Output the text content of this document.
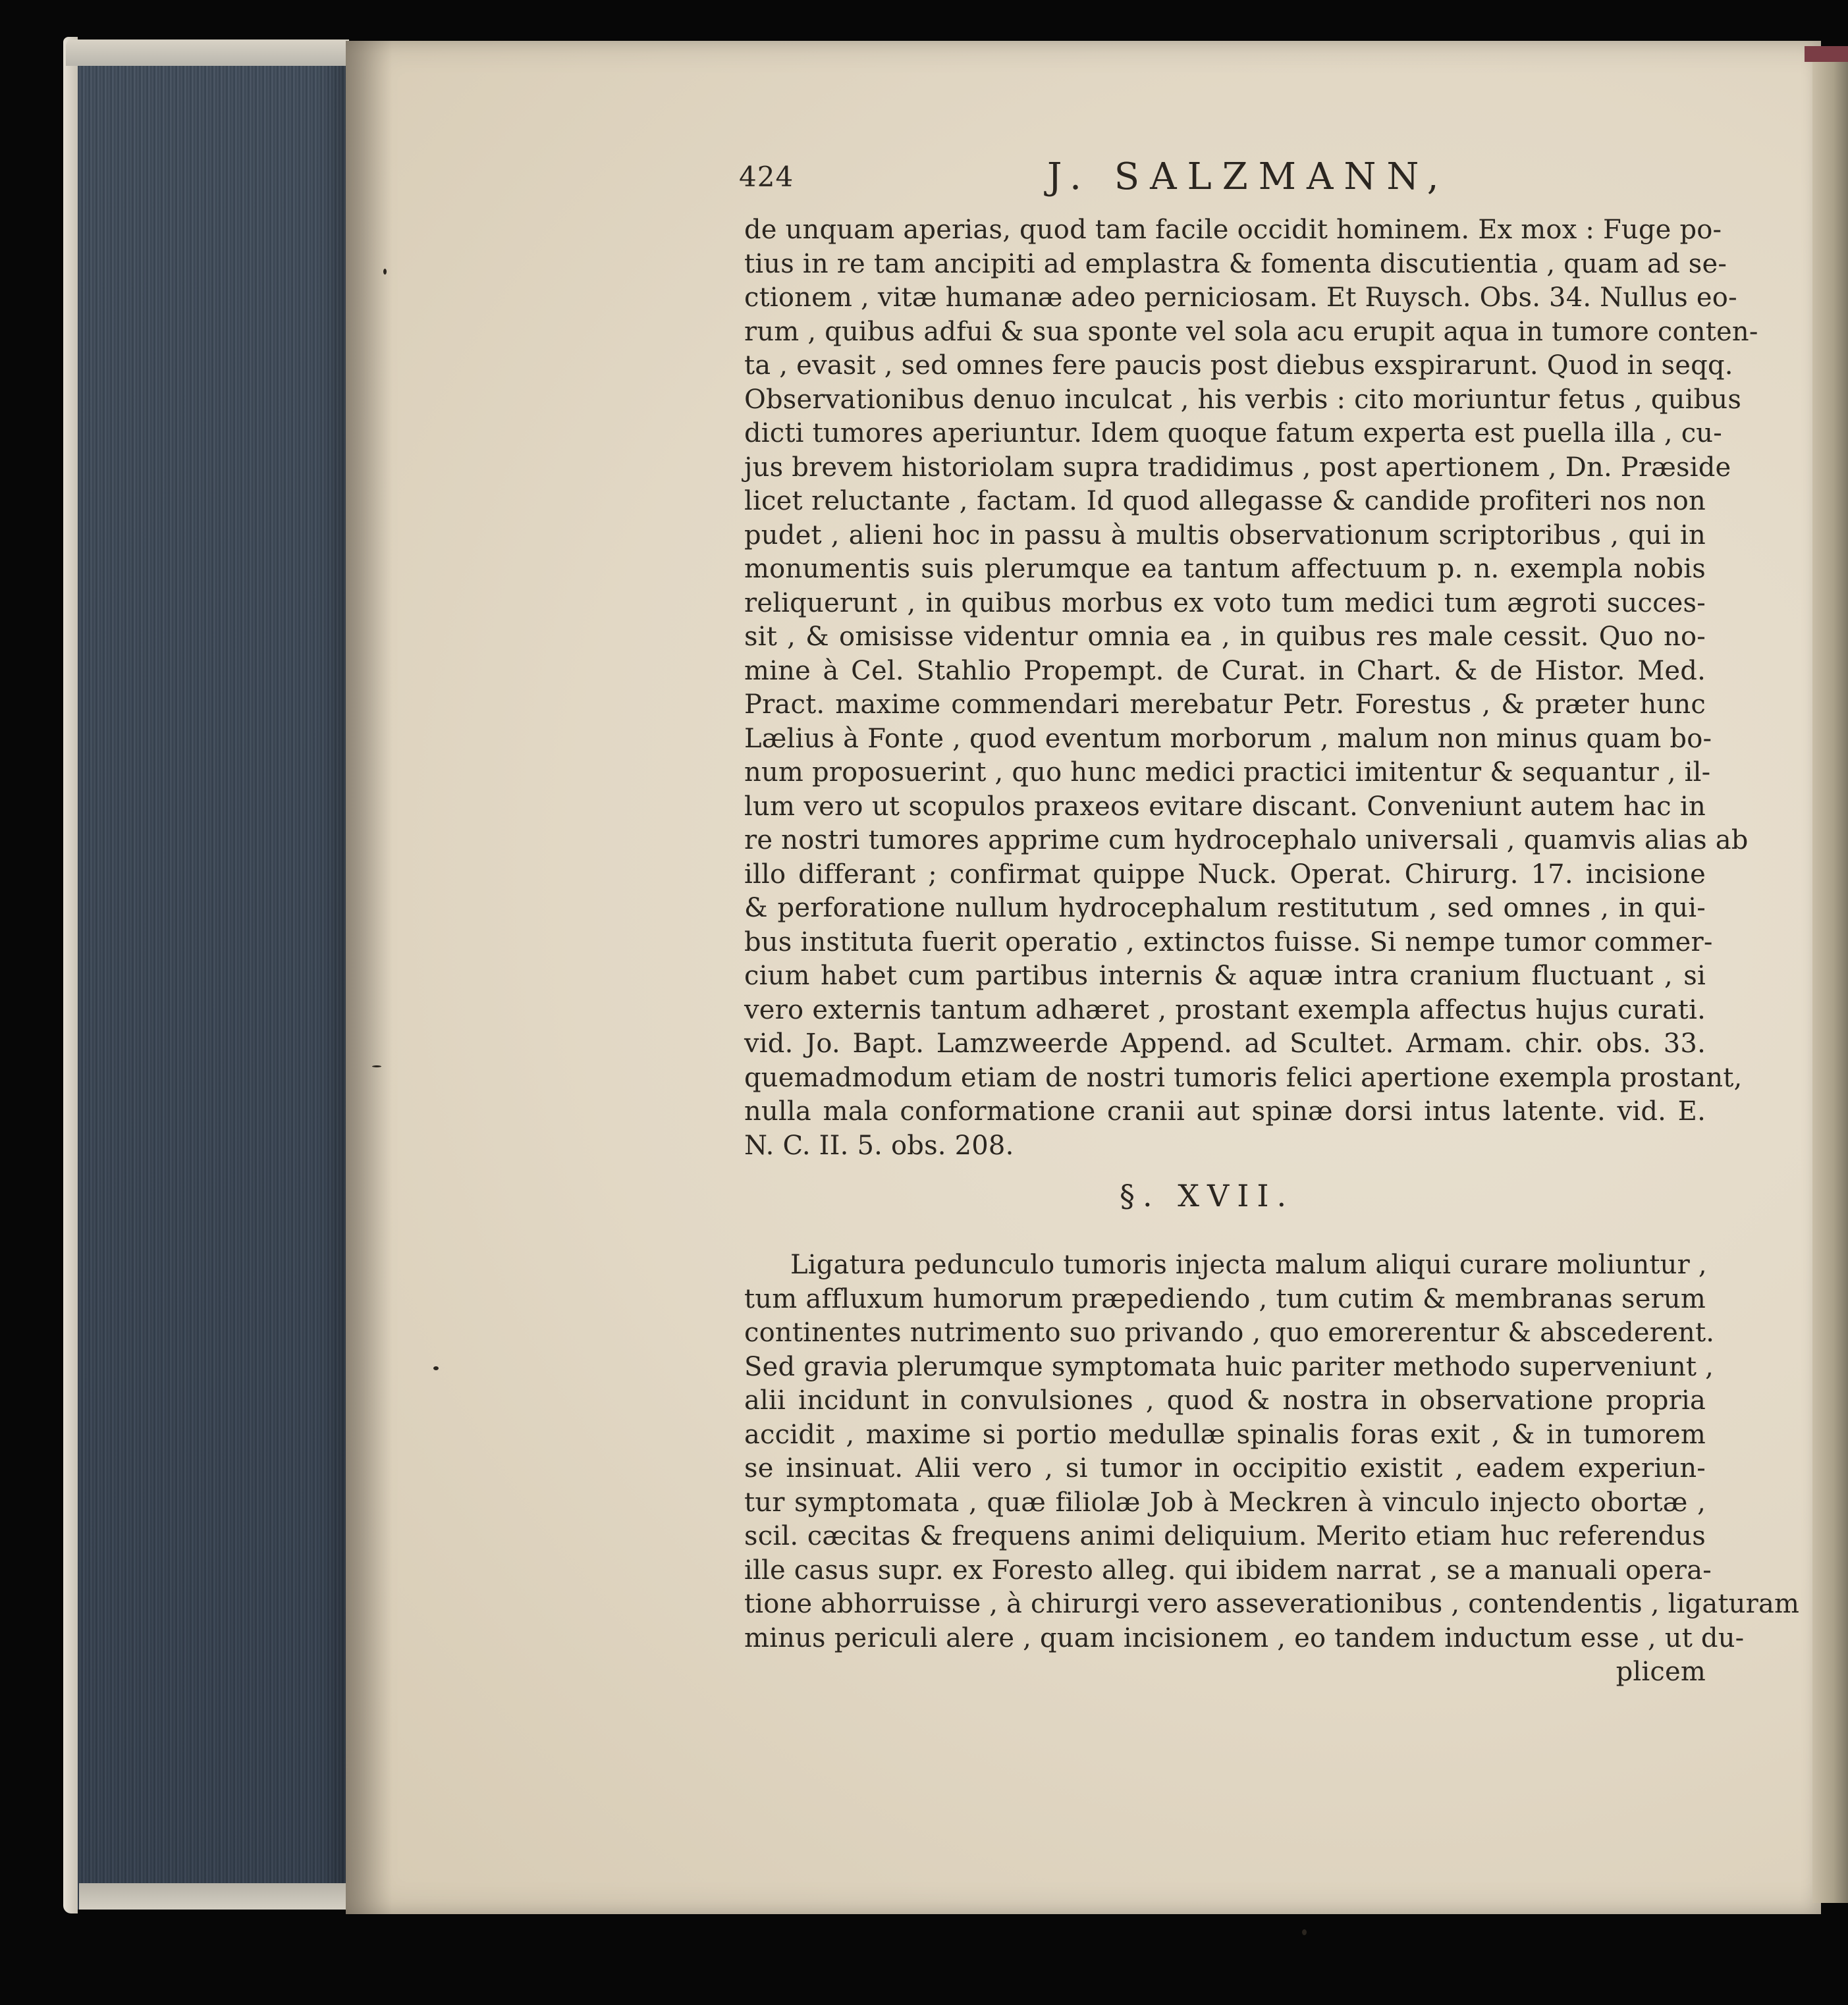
424	J. SALZMANN,
de unquam aperias, quod tam facile occidit hominem. Ex mox : Fuge po-
tius in re tam ancipiti ad emplastra & fomenta discutientia , quam ad se-
ctionem , vitæ humanæ adeo perniciosam. Et Ruysch. Obs. 34. Nullus eo-
rum , quibus adfui & sua sponte vel sola acu erupit aqua in tumore conten-
ta , evasit , sed omnes fere paucis post diebus exspirarunt. Quod in seqq.
Observationibus denuo inculcat , his verbis : cito moriuntur fetus , quibus
dicti tumores aperiuntur. Idem quoque fatum experta est puella illa , cu-
jus brevem historiolam supra tradidimus , post apertionem , Dn. Præside
licet reluctante , factam. Id quod allegasse & candide profiteri nos non
pudet , alieni hoc in passu à multis observationum scriptoribus , qui in
monumentis suis plerumque ea tantum affectuum p. n. exempla nobis
reliquerunt , in quibus morbus ex voto tum medici tum ægroti succes-
sit , & omisisse videntur omnia ea , in quibus res male cessit. Quo no-
mine à Cel. Stahlio Propempt. de Curat. in Chart. & de Histor. Med.
Pract. maxime commendari merebatur Petr. Forestus , & præter hunc
Lælius à Fonte , quod eventum morborum , malum non minus quam bo-
num proposuerint , quo hunc medici practici imitentur & sequantur , il-
lum vero ut scopulos praxeos evitare discant. Conveniunt autem hac in
re nostri tumores apprime cum hydrocephalo universali , quamvis alias ab
illo differant ; confirmat quippe Nuck. Operat. Chirurg. 17. incisione
& perforatione nullum hydrocephalum restitutum , sed omnes , in qui-
bus instituta fuerit operatio , extinctos fuisse. Si nempe tumor commer-
cium habet cum partibus internis & aquæ intra cranium fluctuant , si
vero externis tantum adhæret , prostant exempla affectus hujus curati.
vid. Jo. Bapt. Lamzweerde Append. ad Scultet. Armam. chir. obs. 33.
quemadmodum etiam de nostri tumoris felici apertione exempla prostant,
nulla mala conformatione cranii aut spinæ dorsi intus latente. vid. E.
N. C. II. 5. obs. 208.
§. XVII.
Ligatura pedunculo tumoris injecta malum aliqui curare moliuntur ,
tum affluxum humorum præpediendo , tum cutim & membranas serum
continentes nutrimento suo privando , quo emorerentur & abscederent.
Sed gravia plerumque symptomata huic pariter methodo superveniunt ,
alii incidunt in convulsiones , quod & nostra in observatione propria
accidit , maxime si portio medullæ spinalis foras exit , & in tumorem
se insinuat. Alii vero , si tumor in occipitio existit , eadem experiun-
tur symptomata , quæ filiolæ Job à Meckren à vinculo injecto obortæ ,
scil. cæcitas & frequens animi deliquium. Merito etiam huc referendus
ille casus supr. ex Foresto alleg. qui ibidem narrat , se a manuali opera-
tione abhorruisse , à chirurgi vero asseverationibus , contendentis , ligaturam
minus periculi alere , quam incisionem , eo tandem inductum esse , ut du-
plicem
